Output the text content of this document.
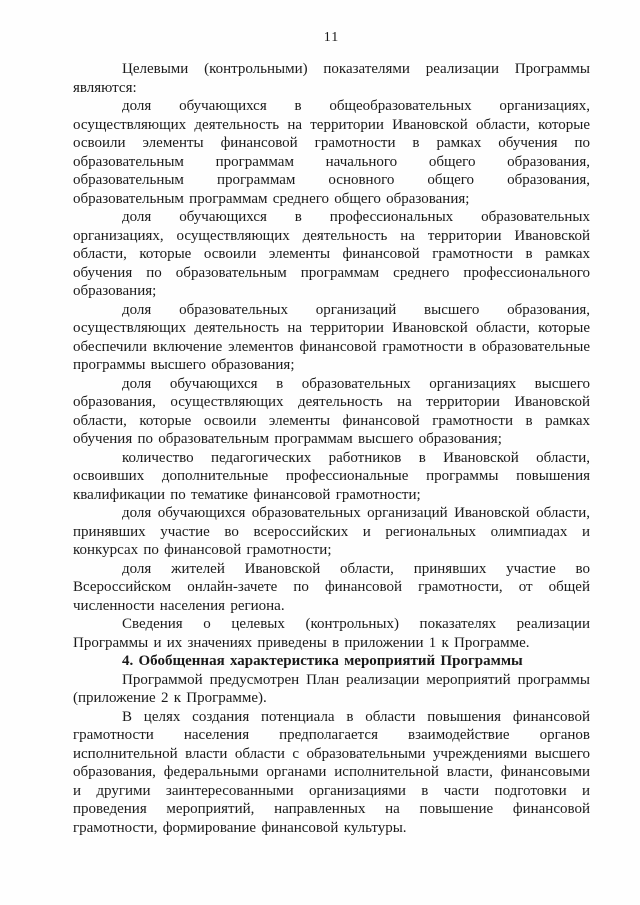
11

Целевыми (контрольными) показателями реализации Программы являются:

доля обучающихся в общеобразовательных организациях, осуществляющих деятельность на территории Ивановской области, которые освоили элементы финансовой грамотности в рамках обучения по образовательным программам начального общего образования, образовательным программам основного общего образования, образовательным программам среднего общего образования;

доля обучающихся в профессиональных образовательных организациях, осуществляющих деятельность на территории Ивановской области, которые освоили элементы финансовой грамотности в рамках обучения по образовательным программам среднего профессионального образования;

доля образовательных организаций высшего образования, осуществляющих деятельность на территории Ивановской области, которые обеспечили включение элементов финансовой грамотности в образовательные программы высшего образования;

доля обучающихся в образовательных организациях высшего образования, осуществляющих деятельность на территории Ивановской области, которые освоили элементы финансовой грамотности в рамках обучения по образовательным программам высшего образования;

количество педагогических работников в Ивановской области, освоивших дополнительные профессиональные программы повышения квалификации по тематике финансовой грамотности;

доля обучающихся образовательных организаций Ивановской области, принявших участие во всероссийских и региональных олимпиадах и конкурсах по финансовой грамотности;

доля жителей Ивановской области, принявших участие во Всероссийском онлайн-зачете по финансовой грамотности, от общей численности населения региона.

Сведения о целевых (контрольных) показателях реализации Программы и их значениях приведены в приложении 1 к Программе.

4. Обобщенная характеристика мероприятий Программы

Программой предусмотрен План реализации мероприятий программы (приложение 2 к Программе).

В целях создания потенциала в области повышения финансовой грамотности населения предполагается взаимодействие органов исполнительной власти области с образовательными учреждениями высшего образования, федеральными органами исполнительной власти, финансовыми и другими заинтересованными организациями в части подготовки и проведения мероприятий, направленных на повышение финансовой грамотности, формирование финансовой культуры.
